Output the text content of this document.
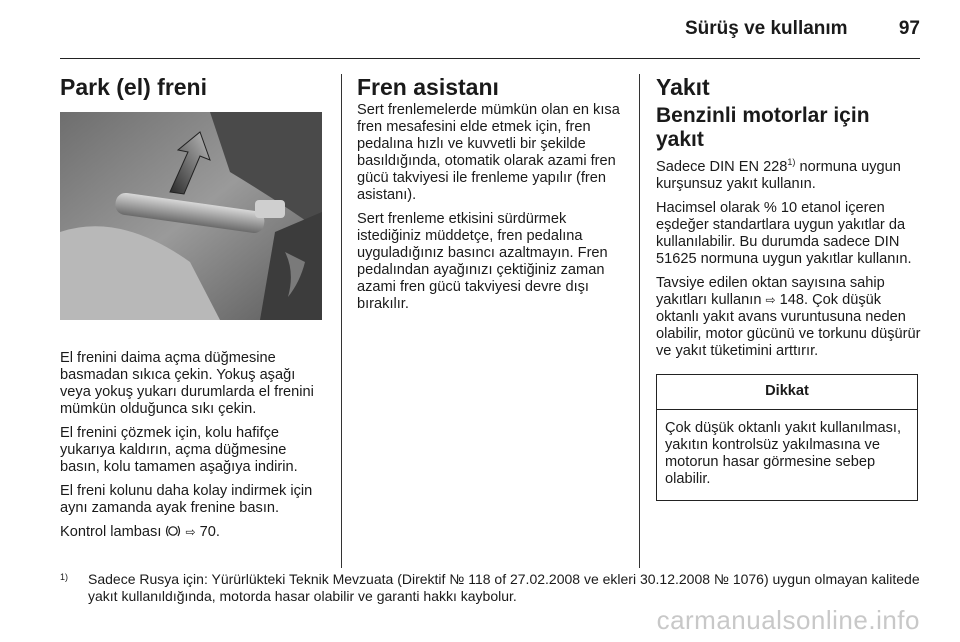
Sürüş ve kullanım	97
Park (el) freni

El frenini daima açma düğmesine basmadan sıkıca çekin. Yokuş aşağı veya yokuş yukarı durumlarda el frenini mümkün olduğunca sıkı çekin.

El frenini çözmek için, kolu hafifçe yukarıya kaldırın, açma düğmesine basın, kolu tamamen aşağıya indirin.

El freni kolunu daha kolay indirmek için aynı zamanda ayak frenine basın.

Kontrol lambası ⇨ 70.

Fren asistanı

Sert frenlemelerde mümkün olan en kısa fren mesafesini elde etmek için, fren pedalına hızlı ve kuvvetli bir şekilde basıldığında, otomatik olarak azami fren gücü takviyesi ile frenleme yapılır (fren asistanı).

Sert frenleme etkisini sürdürmek istediğiniz müddetçe, fren pedalına uyguladığınız basıncı azaltmayın. Fren pedalından ayağınızı çektiğiniz zaman azami fren gücü takviyesi devre dışı bırakılır.

Yakıt
Benzinli motorlar için yakıt

Sadece DIN EN 228$^{1)}$ normuna uygun kurşunsuz yakıt kullanın.

Hacimsel olarak % 10 etanol içeren eşdeğer standartlara uygun yakıtlar da kullanılabilir. Bu durumda sadece DIN 51625 normuna uygun yakıtlar kullanın.

Tavsiye edilen oktan sayısına sahip yakıtları kullanın ⇨ 148. Çok düşük oktanlı yakıt avans vuruntusuna neden olabilir, motor gücünü ve torkunu düşürür ve yakıt tüketimini arttırır.

Dikkat
Çok düşük oktanlı yakıt kullanılması, yakıtın kontrolsüz yakılmasına ve motorun hasar görmesine sebep olabilir.
1) Sadece Rusya için: Yürürlükteki Teknik Mevzuata (Direktif № 118 of 27.02.2008 ve ekleri 30.12.2008 № 1076) uygun olmayan kalitede yakıt kullanıldığında, motorda hasar olabilir ve garanti hakkı kaybolur.
carmanualsonline.info
